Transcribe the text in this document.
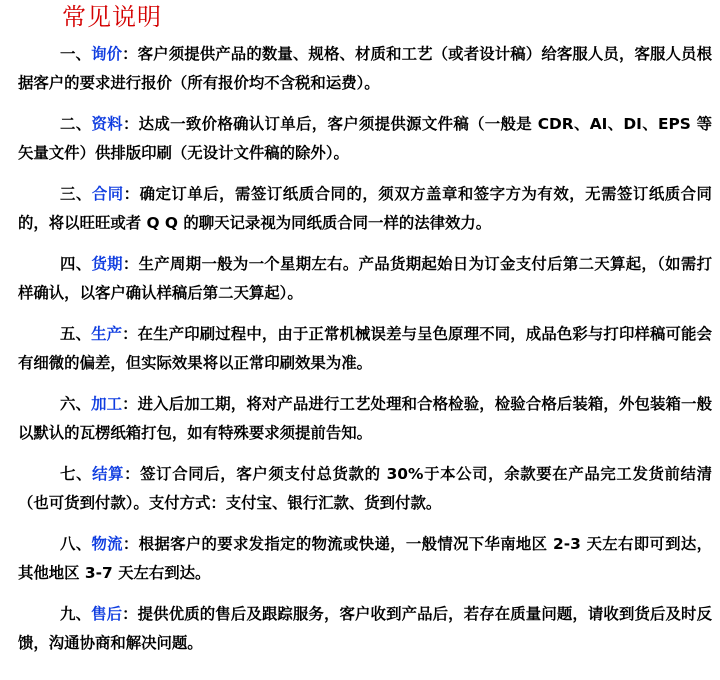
常见说明

一、询价：客户须提供产品的数量、规格、材质和工艺（或者设计稿）给客服人员，客服人员根据客户的要求进行报价（所有报价均不含税和运费）。

二、资料：达成一致价格确认订单后，客户须提供源文件稿（一般是 CDR、AI、DI、EPS 等矢量文件）供排版印刷（无设计文件稿的除外）。

三、合同：确定订单后，需签订纸质合同的，须双方盖章和签字方为有效，无需签订纸质合同的，将以旺旺或者 Q Q 的聊天记录视为同纸质合同一样的法律效力。

四、货期：生产周期一般为一个星期左右。产品货期起始日为订金支付后第二天算起，（如需打样确认，以客户确认样稿后第二天算起）。

五、生产：在生产印刷过程中，由于正常机械误差与呈色原理不同，成品色彩与打印样稿可能会有细微的偏差，但实际效果将以正常印刷效果为准。

六、加工：进入后加工期，将对产品进行工艺处理和合格检验，检验合格后装箱，外包装箱一般以默认的瓦楞纸箱打包，如有特殊要求须提前告知。

七、结算：签订合同后，客户须支付总货款的 30%于本公司，余款要在产品完工发货前结清（也可货到付款）。支付方式：支付宝、银行汇款、货到付款。

八、物流：根据客户的要求发指定的物流或快递，一般情况下华南地区 2-3 天左右即可到达，其他地区 3-7 天左右到达。

九、售后：提供优质的售后及跟踪服务，客户收到产品后，若存在质量问题，请收到货后及时反馈，沟通协商和解决问题。
